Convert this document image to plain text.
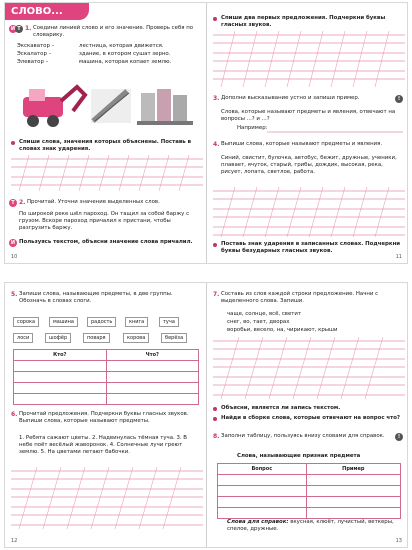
СЛОВО...
И Т 1. Соедини линией слово и его значение. Проверь себя по словарику.
Экскаватор –	лестница, которая движется.
Эскалатор –	здание, в котором сушат зерно.
Элеватор –	машина, которая копает землю.
Спиши слова, значения которых объяснены. Поставь в словах знак ударения.
Т 2. Прочитай. Уточни значение выделенных слов.
По широкой реке шёл пароход. Он тащил за собой баржу с грузом. Вскоре пароход причалил к пристани, чтобы разгрузить баржу.
И Пользуясь текстом, объясни значение слова причалил.
10
Спиши два первых предложения. Подчеркни буквы гласных звуков.
3. Дополни высказывание устно и запиши пример.	!
Слова, которые называют предметы и явления, отвечают на вопросы ...? и ...?
Например:
4. Выпиши слова, которые называют предметы и явления.
Синий, свистит, булочка, автобус, бежит, дружные, ученики, плавает, ячуток, старый, грибы, дождик, высокая, река, рисует, лопата, светлое, работа.
Поставь знак ударения в записанных словах. Подчеркни буквы безударных гласных звуков.
11
5. Запиши слова, называющие предметы, в две группы. Обозначь в словах слоги.
сорока	машина	радость	книга	туча
лоси	шофёр	поваря	корова	берёза
Кто?	Что?

6. Прочитай предложения. Подчеркни буквы гласных звуков. Выпиши слова, которые называют предметы.
1. Ребята сажают цветы. 2. Надвинулась тёмная туча. 3. В небе поёт весёлый жаворонок. 4. Солнечные лучи греют землю. 5. На цветами летают бабочки.
12
7. Составь из слов каждой строки предложение. Начни с выделенного слова. Запиши.
чаще, солнце, всё, светит
снег, во, тает, дворах
воробьи, весело, на, чирикают, крыши
Объясни, является ли запись текстом.
Найди в сборке слова, которые отвечают на вопрос что?
8. Заполни таблицу, пользуясь внизу словами для справок.	!
Слова, называющие признак предмета
Вопрос	Пример

Слова для справок: вкусная, клюёт, лучистый, веткеры, спелое, дружные.
13
